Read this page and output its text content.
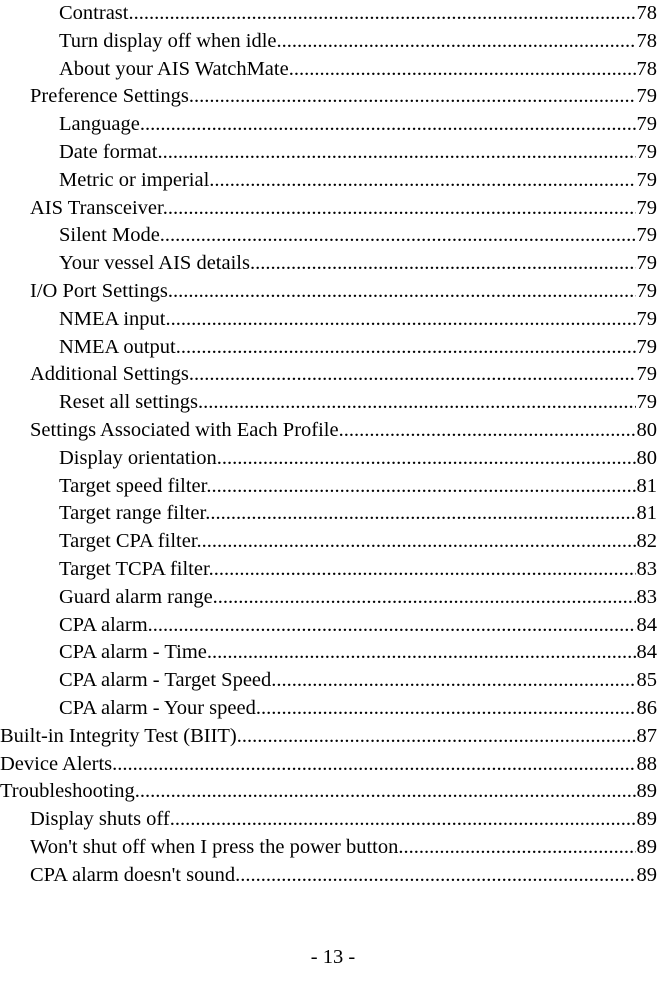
Contrast .....	78
Turn display off when idle .....	78
About your AIS WatchMate .....	78
Preference Settings .....	79
Language .....	79
Date format .....	79
Metric or imperial .....	79
AIS Transceiver .....	79
Silent Mode .....	79
Your vessel AIS details .....	79
I/O Port Settings .....	79
NMEA input .....	79
NMEA output .....	79
Additional Settings .....	79
Reset all settings .....	79
Settings Associated with Each Profile .....	80
Display orientation .....	80
Target speed filter .....	81
Target range filter .....	81
Target CPA filter .....	82
Target TCPA filter .....	83
Guard alarm range .....	83
CPA alarm .....	84
CPA alarm - Time .....	84
CPA alarm - Target Speed .....	85
CPA alarm - Your speed .....	86
Built-in Integrity Test (BIIT) .....	87
Device Alerts .....	88
Troubleshooting .....	89
Display shuts off .....	89
Won't shut off when I press the power button .....	89
CPA alarm doesn't sound .....	89
- 13 -
